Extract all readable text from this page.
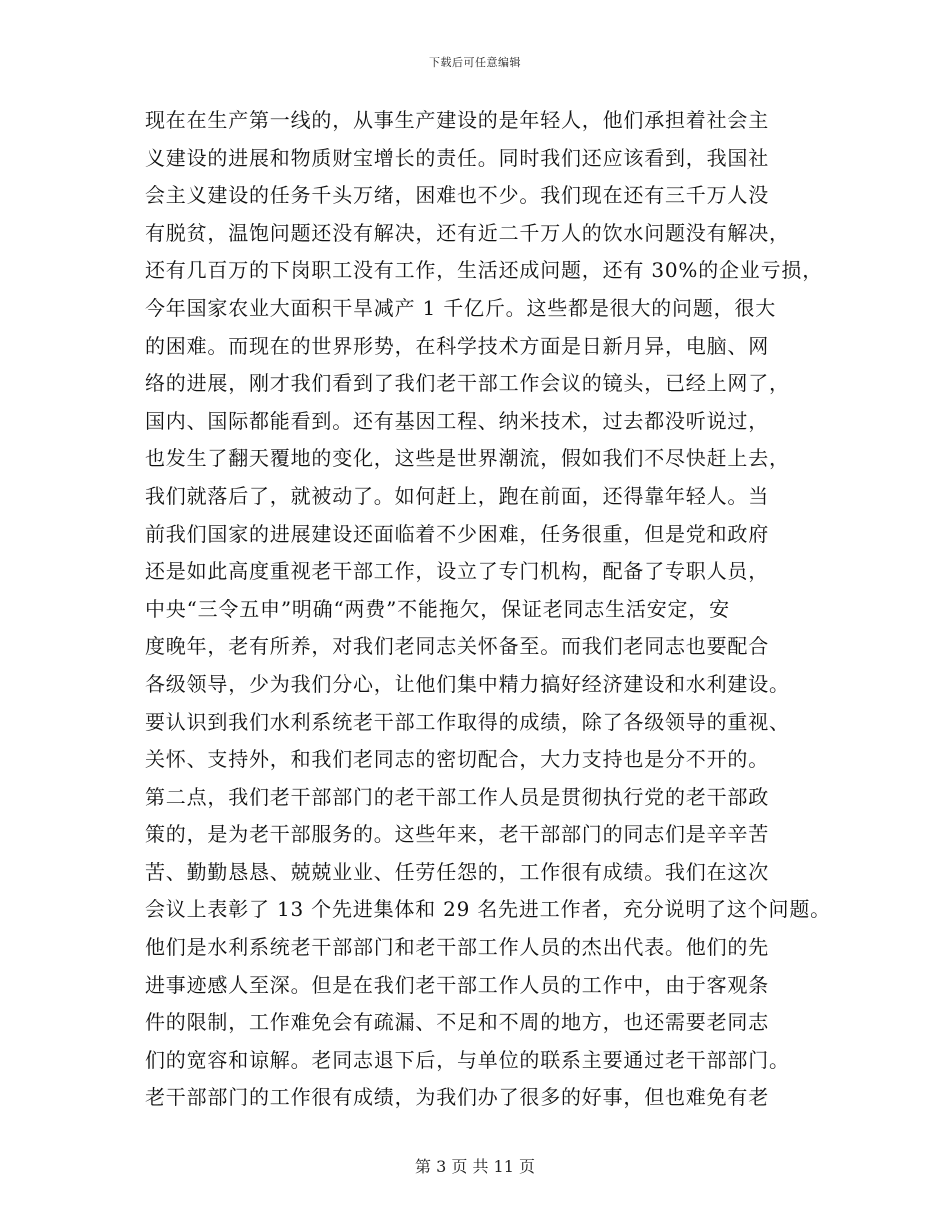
下载后可任意编辑
现在在生产第一线的，从事生产建设的是年轻人，他们承担着社会主
义建设的进展和物质财宝增长的责任。同时我们还应该看到，我国社
会主义建设的任务千头万绪，困难也不少。我们现在还有三千万人没
有脱贫，温饱问题还没有解决，还有近二千万人的饮水问题没有解决，
还有几百万的下岗职工没有工作，生活还成问题，还有 30%的企业亏损，
今年国家农业大面积干旱减产 1 千亿斤。这些都是很大的问题，很大
的困难。而现在的世界形势，在科学技术方面是日新月异，电脑、网
络的进展，刚才我们看到了我们老干部工作会议的镜头，已经上网了，
国内、国际都能看到。还有基因工程、纳米技术，过去都没听说过，
也发生了翻天覆地的变化，这些是世界潮流，假如我们不尽快赶上去，
我们就落后了，就被动了。如何赶上，跑在前面，还得靠年轻人。当
前我们国家的进展建设还面临着不少困难，任务很重，但是党和政府
还是如此高度重视老干部工作，设立了专门机构，配备了专职人员，
中央“三令五申”明确“两费”不能拖欠，保证老同志生活安定，安
度晚年，老有所养，对我们老同志关怀备至。而我们老同志也要配合
各级领导，少为我们分心，让他们集中精力搞好经济建设和水利建设。
要认识到我们水利系统老干部工作取得的成绩，除了各级领导的重视、
关怀、支持外，和我们老同志的密切配合，大力支持也是分不开的。
第二点，我们老干部部门的老干部工作人员是贯彻执行党的老干部政
策的，是为老干部服务的。这些年来，老干部部门的同志们是辛辛苦
苦、勤勤恳恳、兢兢业业、任劳任怨的，工作很有成绩。我们在这次
会议上表彰了 13 个先进集体和 29 名先进工作者，充分说明了这个问题。
他们是水利系统老干部部门和老干部工作人员的杰出代表。他们的先
进事迹感人至深。但是在我们老干部工作人员的工作中，由于客观条
件的限制，工作难免会有疏漏、不足和不周的地方，也还需要老同志
们的宽容和谅解。老同志退下后，与单位的联系主要通过老干部部门。
老干部部门的工作很有成绩，为我们办了很多的好事，但也难免有老
第 3 页 共 11 页
